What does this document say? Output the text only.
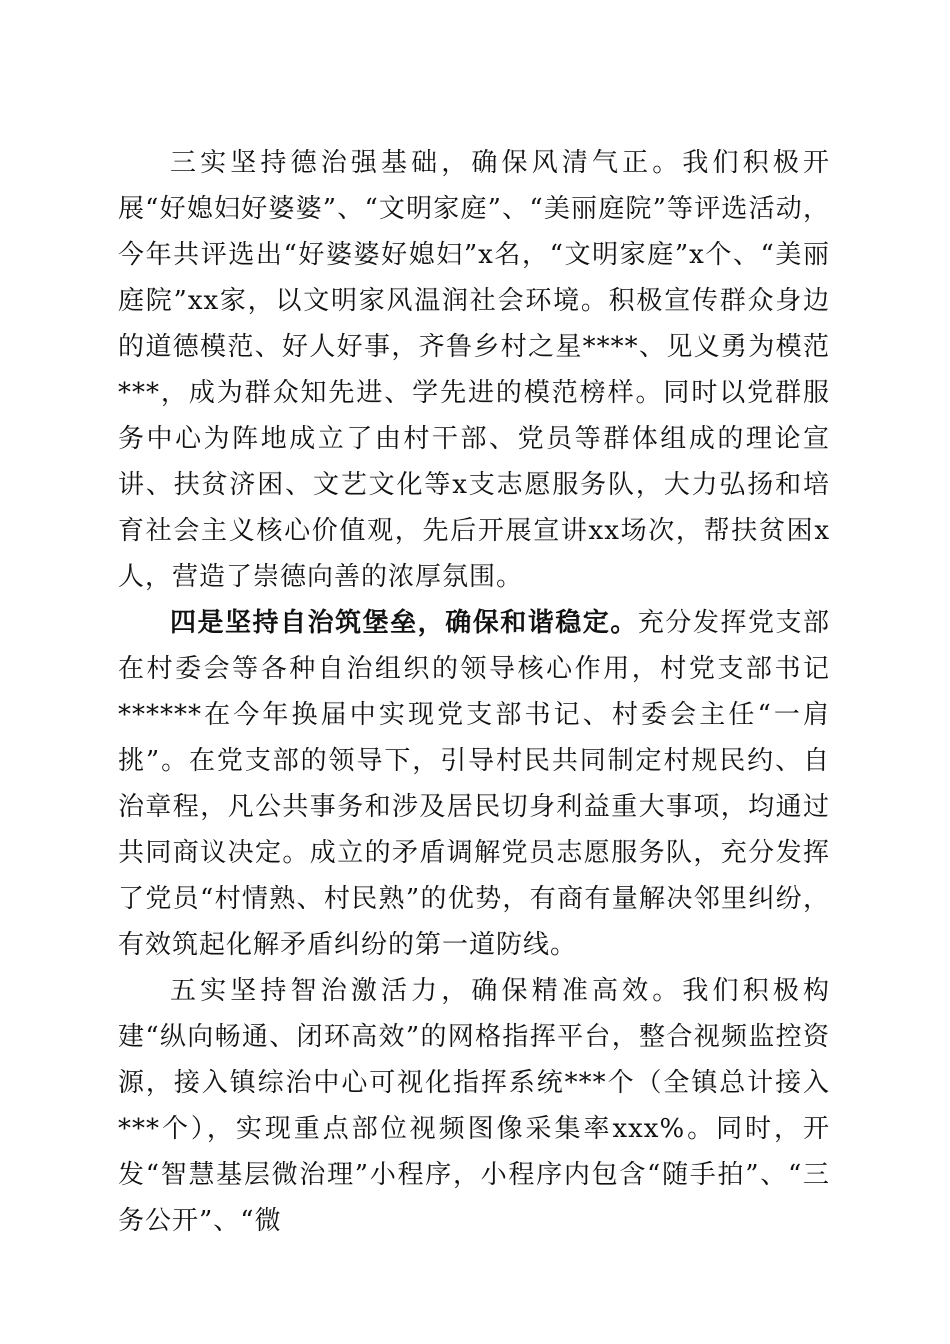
三实坚持德治强基础，确保风清气正。我们积极开展“好媳妇好婆婆”、“文明家庭”、“美丽庭院”等评选活动，今年共评选出“好婆婆好媳妇”x名，“文明家庭”x个、“美丽庭院”xx家，以文明家风温润社会环境。积极宣传群众身边的道德模范、好人好事，齐鲁乡村之星****、见义勇为模范***，成为群众知先进、学先进的模范榜样。同时以党群服务中心为阵地成立了由村干部、党员等群体组成的理论宣讲、扶贫济困、文艺文化等x支志愿服务队，大力弘扬和培育社会主义核心价值观，先后开展宣讲xx场次，帮扶贫困x人，营造了崇德向善的浓厚氛围。

四是坚持自治筑堡垒，确保和谐稳定。充分发挥党支部在村委会等各种自治组织的领导核心作用，村党支部书记******在今年换届中实现党支部书记、村委会主任“一肩挑”。在党支部的领导下，引导村民共同制定村规民约、自治章程，凡公共事务和涉及居民切身利益重大事项，均通过共同商议决定。成立的矛盾调解党员志愿服务队，充分发挥了党员“村情熟、村民熟”的优势，有商有量解决邻里纠纷，有效筑起化解矛盾纠纷的第一道防线。

五实坚持智治激活力，确保精准高效。我们积极构建“纵向畅通、闭环高效”的网格指挥平台，整合视频监控资源，接入镇综治中心可视化指挥系统***个（全镇总计接入***个），实现重点部位视频图像采集率xxx%。同时，开发“智慧基层微治理”小程序，小程序内包含“随手拍”、“三务公开”、“微
